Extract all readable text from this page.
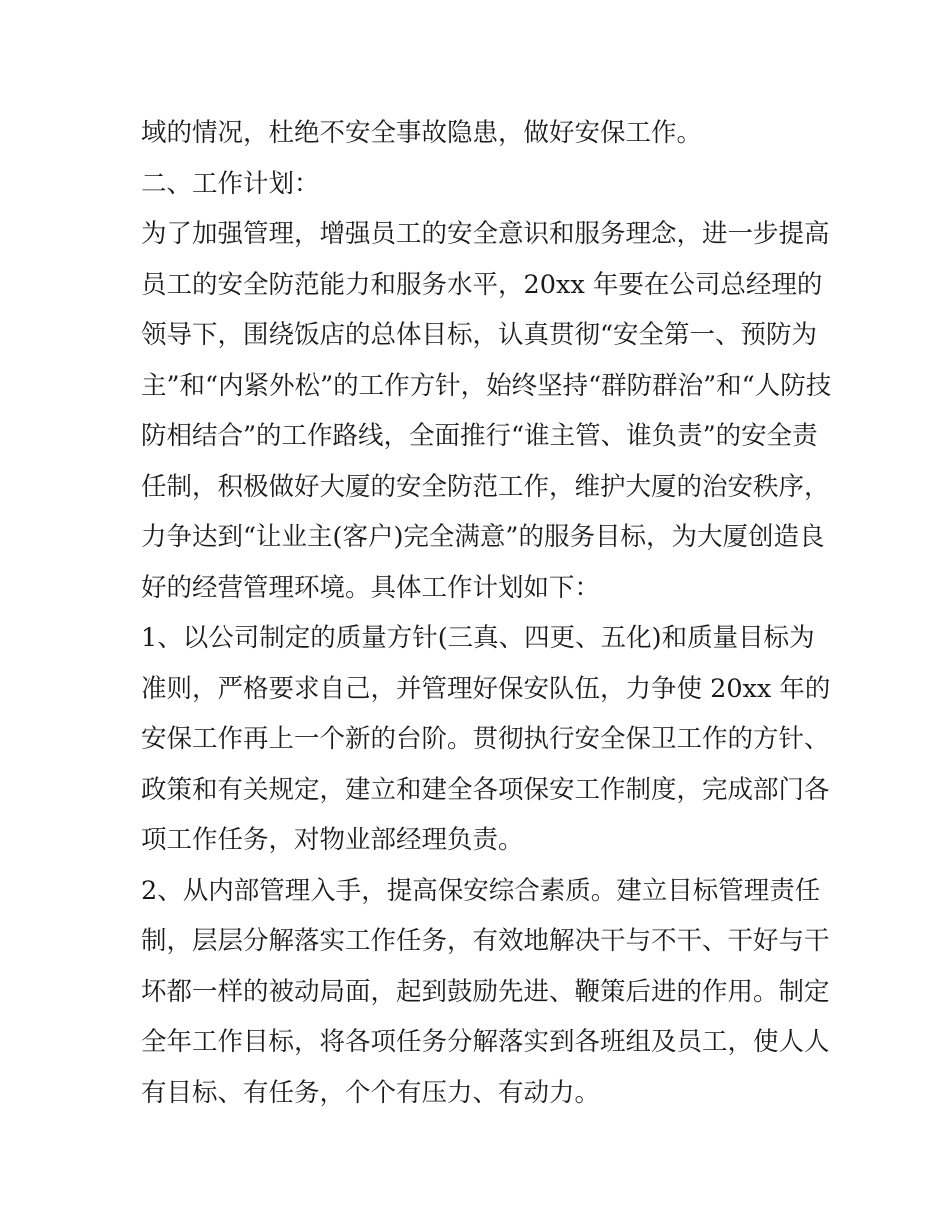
域的情况，杜绝不安全事故隐患，做好安保工作。
二、工作计划：
为了加强管理，增强员工的安全意识和服务理念，进一步提高
员工的安全防范能力和服务水平，20xx 年要在公司总经理的
领导下，围绕饭店的总体目标，认真贯彻“安全第一、预防为
主”和“内紧外松”的工作方针，始终坚持“群防群治”和“人防技
防相结合”的工作路线，全面推行“谁主管、谁负责”的安全责
任制，积极做好大厦的安全防范工作，维护大厦的治安秩序，
力争达到“让业主(客户)完全满意”的服务目标，为大厦创造良
好的经营管理环境。具体工作计划如下：
1、以公司制定的质量方针(三真、四更、五化)和质量目标为
准则，严格要求自己，并管理好保安队伍，力争使 20xx 年的
安保工作再上一个新的台阶。贯彻执行安全保卫工作的方针、
政策和有关规定，建立和建全各项保安工作制度，完成部门各
项工作任务，对物业部经理负责。
2、从内部管理入手，提高保安综合素质。建立目标管理责任
制，层层分解落实工作任务，有效地解决干与不干、干好与干
坏都一样的被动局面，起到鼓励先进、鞭策后进的作用。制定
全年工作目标，将各项任务分解落实到各班组及员工，使人人
有目标、有任务，个个有压力、有动力。
